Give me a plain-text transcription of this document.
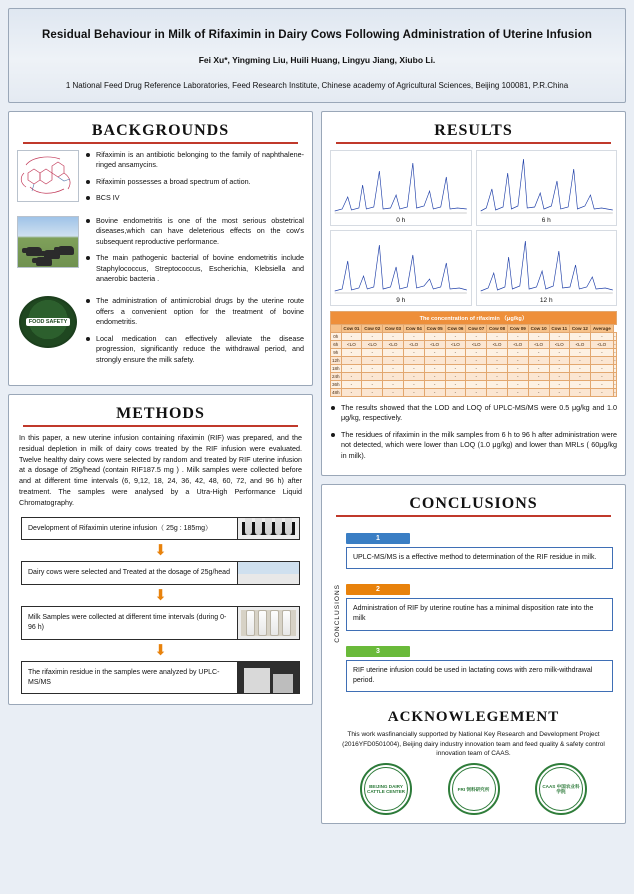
Residual Behaviour in Milk of Rifaximin in Dairy Cows Following Administration of Uterine Infusion
Fei Xu*, Yingming Liu, Huili Huang, Lingyu Jiang, Xiubo Li.
1 National Feed Drug Reference Laboratories, Feed Research Institute, Chinese academy of Agricultural Sciences, Beijing 100081, P.R.China
BACKGROUNDS
Rifaximin is an antibiotic belonging to the family of naphthalene-ringed ansamycins.
Rifaximin possesses a broad spectrum of action.
BCS IV
Bovine endometritis is one of the most serious obstetrical diseases,which can have deleterious effects on the cow's subsequent reproductive performance.
The main pathogenic bacterial of bovine endometritis include Staphylococcus, Streptococcus, Escherichia, Klebsiella and anaerobic bacteria .
FOOD SAFETY
The administration of antimicrobial drugs by the uterine route offers a convenient option for the treatment of bovine endometritis.
Local medication can effectively alleviate the disease progression, significantly reduce the withdrawal period, and strongly ensure the milk safety.
METHODS
In this paper, a new uterine infusion containing rifaximin (RIF) was prepared, and the residual depletion in milk of dairy cows treated by the RIF infusion were evaluated. Twelve healthy dairy cows were selected by random and treated by RIF uterine infusion at a dosage of 25g/head (contain RIF187.5 mg ) . Milk samples were collected before and at different time intervals (6, 9,12, 18, 24, 36, 42, 48, 60, 72, and 96 h) after treatment. The samples were analysed by a Utra-High Performance Liquid Chromatography.
Development of Rifaximin uterine infusion（ 25g : 185mg）
⬇
Dairy cows were selected and Treated at the dosage of 25g/head
⬇
Milk Samples were collected at different time intervals (during 0-96 h)
⬇
The rifaximin residue in the samples were analyzed by UPLC-MS/MS
RESULTS
0 h	6 h
9 h	12 h
The concentration of rifaximin （μg/kg）														
	Cow 01	Cow 02	Cow 03	Cow 04	Cow 05	Cow 06	Cow 07	Cow 08	Cow 09	Cow 10	Cow 11	Cow 12	Average	
0h	-	-	-	-	-	-	-	-	-	-	-	-	-	-
6h	<LO	<LO	<LO	<LO	<LO	<LO	<LO	<LO	<LO	<LO	<LO	<LO	<LO	-
9h	-	-	-	-	-	-	-	-	-	-	-	-	-	-
12h	-	-	-	-	-	-	-	-	-	-	-	-	-	-
18h	-	-	-	-	-	-	-	-	-	-	-	-	-	-
24h	-	-	-	-	-	-	-	-	-	-	-	-	-	-
36h	-	-	-	-	-	-	-	-	-	-	-	-	-	-
48h	-	-	-	-	-	-	-	-	-	-	-	-	-	-
The results showed that the LOD and LOQ of UPLC-MS/MS were 0.5 μg/kg and 1.0 μg/kg, respectively.
The residues of rifaximin in the milk samples from 6 h to 96 h after administration were not detected, which were lower than LOQ (1.0 μg/kg) and lower than MRLs ( 60μg/kg in milk).
CONCLUSIONS
CONCLUSIONS
1
UPLC-MS/MS is a effective method to determination of the RIF residue in milk.
2
Administration of RIF by uterine routine has a minimal disposition rate into the milk
3
RIF uterine infusion could be used in lactating cows with zero milk-withdrawal period.
ACKNOWLEGEMENT
This work wasfinancially supported by National Key Research and Development Project (2016YFD0501004), Beijing dairy industry innovation team and feed quality & safety control innovation team of CAAS.
BEIJING DAIRY CATTLE CENTER
FRI 饲料研究所
CAAS 中国农业科学院
